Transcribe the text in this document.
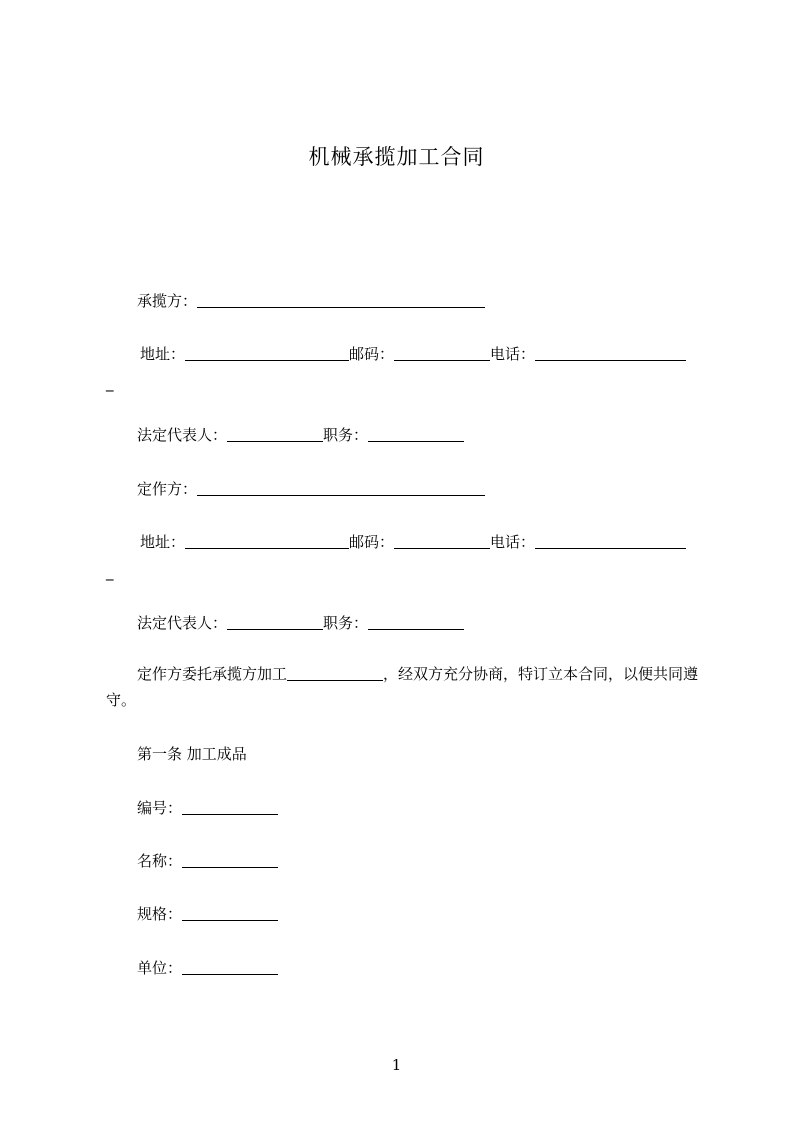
机械承揽加工合同
承揽方：
地址：	邮码：	电话：
_
法定代表人：	职务：
定作方：
地址：	邮码：	电话：
_
法定代表人：	职务：
定作方委托承揽方加工	，经双方充分协商，特订立本合同，以便共同遵守。
第一条 加工成品
编号：
名称：
规格：
单位：
1
